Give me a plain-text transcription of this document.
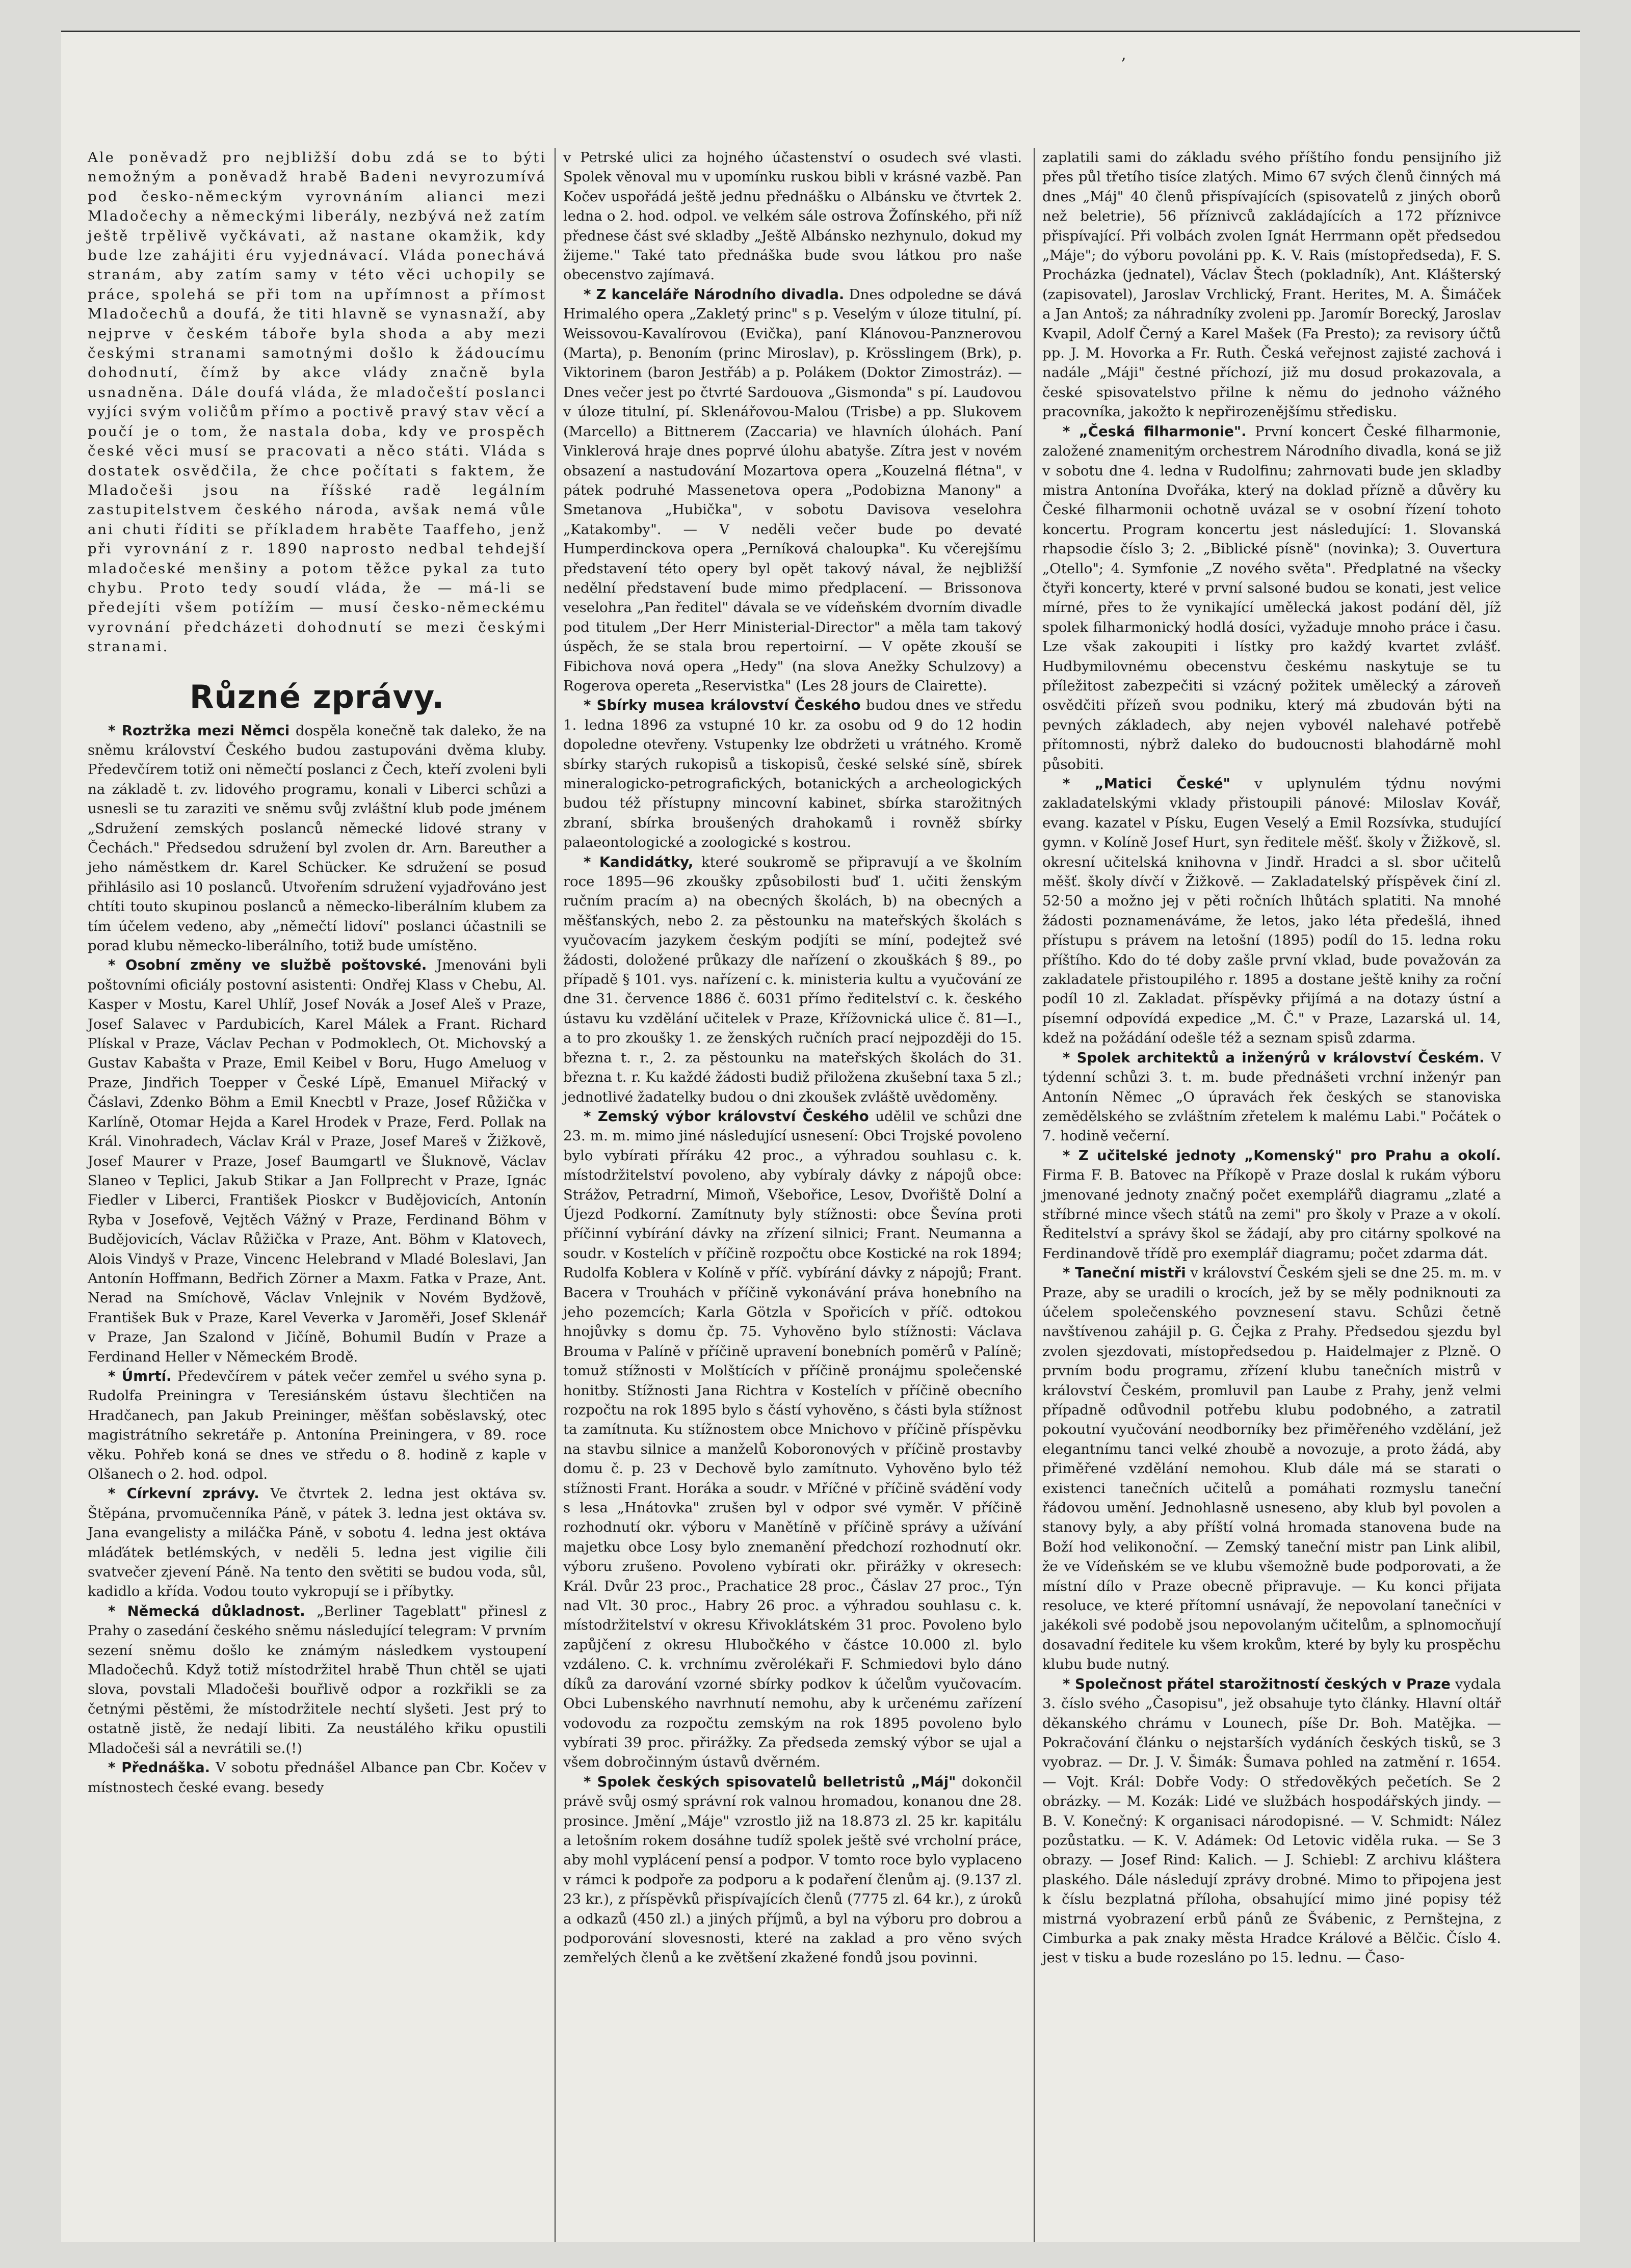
,

Ale poněvadž pro nejbližší dobu zdá se to býti nemožným a poněvadž hrabě Badeni nevyrozumívá pod česko-německým vyrovnáním alianci mezi Mladočechy a německými liberály, nezbývá než zatím ještě trpělivě vyčkávati, až nastane okamžik, kdy bude lze zahájiti éru vyjednávací. Vláda ponechává stranám, aby zatím samy v této věci uchopily se práce, spolehá se při tom na upřímnost a přímost Mladočechů a doufá, že titi hlavně se vynasnaží, aby nejprve v českém táboře byla shoda a aby mezi českými stranami samotnými došlo k žádoucímu dohodnutí, čímž by akce vlády značně byla usnadněna. Dále doufá vláda, že mladočeští poslanci vyjíci svým voličům přímo a poctivě pravý stav věcí a poučí je o tom, že nastala doba, kdy ve prospěch české věci musí se pracovati a něco státi. Vláda s dostatek osvědčila, že chce počítati s faktem, že Mladočeši jsou na říšské radě legálním zastupitelstvem českého národa, avšak nemá vůle ani chuti říditi se příkladem hraběte Taaffeho, jenž při vyrovnání z r. 1890 naprosto nedbal tehdejší mladočeské menšiny a potom těžce pykal za tuto chybu. Proto tedy soudí vláda, že — má-li se předejíti všem potížím — musí česko-německému vyrovnání předcházeti dohodnutí se mezi českými stranami.

Různé zprávy.

* Roztržka mezi Němci dospěla konečně tak daleko, že na sněmu království Českého budou zastupováni dvěma kluby. Předevčírem totiž oni němečtí poslanci z Čech, kteří zvoleni byli na základě t. zv. lidového programu, konali v Liberci schůzi a usnesli se tu zaraziti ve sněmu svůj zvláštní klub pode jménem „Sdružení zemských poslanců německé lidové strany v Čechách." Předsedou sdružení byl zvolen dr. Arn. Bareuther a jeho náměstkem dr. Karel Schücker. Ke sdružení se posud přihlásilo asi 10 poslanců. Utvořením sdružení vyjadřováno jest chtíti touto skupinou poslanců a německo-liberálním klubem za tím účelem vedeno, aby „němečtí lidoví" poslanci účastnili se porad klubu německo-liberálního, totiž bude umístěno.

* Osobní změny ve službě poštovské. Jmenováni byli poštovními oficiály postovní asistenti: Ondřej Klass v Chebu, Al. Kasper v Mostu, Karel Uhlíř, Josef Novák a Josef Aleš v Praze, Josef Salavec v Pardubicích, Karel Málek a Frant. Richard Plískal v Praze, Václav Pechan v Podmoklech, Ot. Michovský a Gustav Kabašta v Praze, Emil Keibel v Boru, Hugo Ameluog v Praze, Jindřich Toepper v České Lípě, Emanuel Miřacký v Čáslavi, Zdenko Böhm a Emil Knecbtl v Praze, Josef Růžička v Karlíně, Otomar Hejda a Karel Hrodek v Praze, Ferd. Pollak na Král. Vinohradech, Václav Král v Praze, Josef Mareš v Žižkově, Josef Maurer v Praze, Josef Baumgartl ve Šluknově, Václav Slaneo v Teplici, Jakub Stikar a Jan Follprecht v Praze, Ignác Fiedler v Liberci, František Pioskcr v Budějovicích, Antonín Ryba v Josefově, Vejtěch Vážný v Praze, Ferdinand Böhm v Budějovicích, Václav Růžička v Praze, Ant. Böhm v Klatovech, Alois Vindyš v Praze, Vincenc Helebrand v Mladé Boleslavi, Jan Antonín Hoffmann, Bedřich Zörner a Maxm. Fatka v Praze, Ant. Nerad na Smíchově, Václav Vnlejnik v Novém Bydžově, František Buk v Praze, Karel Veverka v Jaroměři, Josef Sklenář v Praze, Jan Szalond v Jičíně, Bohumil Budín v Praze a Ferdinand Heller v Německém Brodě.

* Úmrtí. Předevčírem v pátek večer zemřel u svého syna p. Rudolfa Preiningra v Teresiánském ústavu šlechtičen na Hradčanech, pan Jakub Preininger, měšťan soběslavský, otec magistrátního sekretáře p. Antonína Preiningera, v 89. roce věku. Pohřeb koná se dnes ve středu o 8. hodině z kaple v Olšanech o 2. hod. odpol.

* Církevní zprávy. Ve čtvrtek 2. ledna jest oktáva sv. Štěpána, prvomučenníka Páně, v pátek 3. ledna jest oktáva sv. Jana evangelisty a miláčka Páně, v sobotu 4. ledna jest oktáva mláďátek betlémských, v neděli 5. ledna jest vigilie čili svatvečer zjevení Páně. Na tento den světiti se budou voda, sůl, kadidlo a křída. Vodou touto vykropují se i příbytky.

* Německá důkladnost. „Berliner Tageblatt" přinesl z Prahy o zasedání českého sněmu následující telegram: V prvním sezení sněmu došlo ke známým následkem vystoupení Mladočechů. Když totiž místodržitel hrabě Thun chtěl se ujati slova, povstali Mladočeši bouřlivě odpor a rozkřikli se za četnými pěstěmi, že místodržitele nechtí slyšeti. Jest prý to ostatně jistě, že nedají libiti. Za neustálého křiku opustili Mladočeši sál a nevrátili se.(!)

* Přednáška. V sobotu přednášel Albance pan Cbr. Kočev v místnostech české evang. besedy

v Petrské ulici za hojného účastenství o osudech své vlasti. Spolek věnoval mu v upomínku ruskou bibli v krásné vazbě. Pan Kočev uspořádá ještě jednu přednášku o Albánsku ve čtvrtek 2. ledna o 2. hod. odpol. ve velkém sále ostrova Žofínského, při níž přednese část své skladby „Ještě Albánsko nezhynulo, dokud my žijeme." Také tato přednáška bude svou látkou pro naše obecenstvo zajímavá.

* Z kanceláře Národního divadla. Dnes odpoledne se dává Hrimalého opera „Zakletý princ" s p. Veselým v úloze titulní, pí. Weissovou-Kavalírovou (Evička), paní Klánovou-Panznerovou (Marta), p. Benoním (princ Miroslav), p. Krösslingem (Brk), p. Viktorinem (baron Jestřáb) a p. Polákem (Doktor Zimostráz). — Dnes večer jest po čtvrté Sardouova „Gismonda" s pí. Laudovou v úloze titulní, pí. Sklenářovou-Malou (Trisbe) a pp. Slukovem (Marcello) a Bittnerem (Zaccaria) ve hlavních úlohách. Paní Vinklerová hraje dnes poprvé úlohu abatyše. Zítra jest v novém obsazení a nastudování Mozartova opera „Kouzelná flétna", v pátek podruhé Massenetova opera „Podobizna Manony" a Smetanova „Hubička", v sobotu Davisova veselohra „Katakomby". — V neděli večer bude po devaté Humperdinckova opera „Perníková chaloupka". Ku včerejšímu představení této opery byl opět takový nával, že nejbližší nedělní představení bude mimo předplacení. — Brissonova veselohra „Pan ředitel" dávala se ve vídeňském dvorním divadle pod titulem „Der Herr Ministerial-Director" a měla tam takový úspěch, že se stala brou repertoirní. — V opěte zkouší se Fibichova nová opera „Hedy" (na slova Anežky Schulzovy) a Rogerova opereta „Reservistka" (Les 28 jours de Clairette).

* Sbírky musea království Českého budou dnes ve středu 1. ledna 1896 za vstupné 10 kr. za osobu od 9 do 12 hodin dopoledne otevřeny. Vstupenky lze obdržeti u vrátného. Kromě sbírky starých rukopisů a tiskopisů, české selské síně, sbírek mineralogicko-petrografických, botanických a archeologických budou též přístupny mincovní kabinet, sbírka starožitných zbraní, sbírka broušených drahokamů i rovněž sbírky palaeontologické a zoologické s kostrou.

* Kandidátky, které soukromě se připravují a ve školním roce 1895—96 zkoušky způsobilosti buď 1. učiti ženským ručním pracím a) na obecných školách, b) na obecných a měšťanských, nebo 2. za pěstounku na mateřských školách s vyučovacím jazykem českým podjíti se míní, podejtež své žádosti, doložené průkazy dle nařízení o zkouškách § 89., po případě § 101. vys. nařízení c. k. ministeria kultu a vyučování ze dne 31. července 1886 č. 6031 přímo ředitelství c. k. českého ústavu ku vzdělání učitelek v Praze, Křížovnická ulice č. 81—I., a to pro zkoušky 1. ze ženských ručních prací nejpozději do 15. března t. r., 2. za pěstounku na mateřských školách do 31. března t. r. Ku každé žádosti budiž přiložena zkušební taxa 5 zl.; jednotlivé žadatelky budou o dni zkoušek zvláště uvědoměny.

* Zemský výbor království Českého udělil ve schůzi dne 23. m. m. mimo jiné následující usnesení: Obci Trojské povoleno bylo vybírati příráku 42 proc., a výhradou souhlasu c. k. místodržitelství povoleno, aby vybíraly dávky z nápojů obce: Strážov, Petradrní, Mimoň, Všebořice, Lesov, Dvořiště Dolní a Újezd Podkorní. Zamítnuty byly stížnosti: obce Ševína proti příčinní vybírání dávky na zřízení silnici; Frant. Neumanna a soudr. v Kostelích v příčině rozpočtu obce Kostické na rok 1894; Rudolfa Koblera v Kolíně v příč. vybírání dávky z nápojů; Frant. Bacera v Trouhách v příčině vykonávání práva honebního na jeho pozemcích; Karla Götzla v Spořicích v příč. odtokou hnojůvky s domu čp. 75. Vyhověno bylo stížnosti: Václava Brouma v Palíně v příčině upravení bonebních poměrů v Palíně; tomuž stížnosti v Molštících v příčině pronájmu společenské honitby. Stížnosti Jana Richtra v Kostelích v příčině obecního rozpočtu na rok 1895 bylo s částí vyhověno, s části byla stížnost ta zamítnuta. Ku stížnostem obce Mnichovo v příčině příspěvku na stavbu silnice a manželů Koboronových v příčině prostavby domu č. p. 23 v Dechově bylo zamítnuto. Vyhověno bylo též stížnosti Frant. Horáka a soudr. v Mříčné v příčině svádění vody s lesa „Hnátovka" zrušen byl v odpor své vyměr. V příčině rozhodnutí okr. výboru v Manětíně v příčině správy a užívání majetku obce Losy bylo znemanění předchozí rozhodnutí okr. výboru zrušeno. Povoleno vybírati okr. přirážky v okresech: Král. Dvůr 23 proc., Prachatice 28 proc., Čáslav 27 proc., Týn nad Vlt. 30 proc., Habry 26 proc. a výhradou souhlasu c. k. místodržitelství v okresu Křivoklátském 31 proc. Povoleno bylo zapůjčení z okresu Hlubočkého v částce 10.000 zl. bylo vzdáleno. C. k. vrchnímu zvěrolékaři F. Schmiedovi bylo dáno díků za darování vzorné sbírky podkov k účelům vyučovacím. Obci Lubenského navrhnutí nemohu, aby k určenému zařízení vodovodu za rozpočtu zemským na rok 1895 povoleno bylo vybírati 39 proc. přirážky. Za předseda zemský výbor se ujal a všem dobročinným ústavů dvěrném.

* Spolek českých spisovatelů belletristů „Máj" dokončil právě svůj osmý správní rok valnou hromadou, konanou dne 28. prosince. Jmění „Máje" vzrostlo již na 18.873 zl. 25 kr. kapitálu a letošním rokem dosáhne tudíž spolek ještě své vrcholní práce, aby mohl vyplácení pensí a podpor. V tomto roce bylo vyplaceno v rámci k podpoře za podporu a k podaření členům aj. (9.137 zl. 23 kr.), z příspěvků přispívajících členů (7775 zl. 64 kr.), z úroků a odkazů (450 zl.) a jiných příjmů, a byl na výboru pro dobrou a podporování slovesnosti, které na zaklad a pro věno svých zemřelých členů a ke zvětšení zkažené fondů jsou povinni.

zaplatili sami do základu svého příštího fondu pensijního již přes půl třetího tisíce zlatých. Mimo 67 svých členů činných má dnes „Máj" 40 členů přispívajících (spisovatelů z jiných oborů než beletrie), 56 příznivců zakládajících a 172 příznivce přispívající. Při volbách zvolen Ignát Herrmann opět předsedou „Máje"; do výboru povoláni pp. K. V. Rais (místopředseda), F. S. Procházka (jednatel), Václav Štech (pokladník), Ant. Klášterský (zapisovatel), Jaroslav Vrchlický, Frant. Herites, M. A. Šimáček a Jan Antoš; za náhradníky zvoleni pp. Jaromír Borecký, Jaroslav Kvapil, Adolf Černý a Karel Mašek (Fa Presto); za revisory účtů pp. J. M. Hovorka a Fr. Ruth. Česká veřejnost zajisté zachová i nadále „Máji" čestné příchozí, již mu dosud prokazovala, a české spisovatelstvo přilne k němu do jednoho vážného pracovníka, jakožto k nepřirozenějšímu středisku.

* „Česká filharmonie". První koncert České filharmonie, založené znamenitým orchestrem Národního divadla, koná se již v sobotu dne 4. ledna v Rudolfinu; zahrnovati bude jen skladby mistra Antonína Dvořáka, který na doklad přízně a důvěry ku České filharmonii ochotně uvázal se v osobní řízení tohoto koncertu. Program koncertu jest následující: 1. Slovanská rhapsodie číslo 3; 2. „Biblické písně" (novinka); 3. Ouvertura „Otello"; 4. Symfonie „Z nového světa". Předplatné na všecky čtyři koncerty, které v první salsoné budou se konati, jest velice mírné, přes to že vynikající umělecká jakost podání děl, jíž spolek filharmonický hodlá dosíci, vyžaduje mnoho práce i času. Lze však zakoupiti i lístky pro každý kvartet zvlášť. Hudbymilovnému obecenstvu českému naskytuje se tu příležitost zabezpečiti si vzácný požitek umělecký a zároveň osvědčiti přízeň svou podniku, který má zbudován býti na pevných základech, aby nejen vybovél nalehavé potřebě přítomnosti, nýbrž daleko do budoucnosti blahodárně mohl působiti.

* „Matici České" v uplynulém týdnu novými zakladatelskými vklady přistoupili pánové: Miloslav Kovář, evang. kazatel v Písku, Eugen Veselý a Emil Rozsívka, studující gymn. v Kolíně Josef Hurt, syn ředitele měšť. školy v Žižkově, sl. okresní učitelská knihovna v Jindř. Hradci a sl. sbor učitelů měšť. školy dívčí v Žižkově. — Zakladatelský příspěvek činí zl. 52·50 a možno jej v pěti ročních lhůtách splatiti. Na mnohé žádosti poznamenáváme, že letos, jako léta předešlá, ihned přístupu s právem na letošní (1895) podíl do 15. ledna roku příštího. Kdo do té doby zašle první vklad, bude považován za zakladatele přistoupilého r. 1895 a dostane ještě knihy za roční podíl 10 zl. Zakladat. příspěvky přijímá a na dotazy ústní a písemní odpovídá expedice „M. Č." v Praze, Lazarská ul. 14, kdež na požádání odešle též a seznam spisů zdarma.

* Spolek architektů a inženýrů v království Českém. V týdenní schůzi 3. t. m. bude přednášeti vrchní inženýr pan Antonín Němec „O úpravách řek českých se stanoviska zemědělského se zvláštním zřetelem k malému Labi." Počátek o 7. hodině večerní.

* Z učitelské jednoty „Komenský" pro Prahu a okolí. Firma F. B. Batovec na Příkopě v Praze doslal k rukám výboru jmenované jednoty značný počet exemplářů diagramu „zlaté a stříbrné mince všech států na zemi" pro školy v Praze a v okolí. Ředitelství a správy škol se žádají, aby pro citárny spolkové na Ferdinandově třídě pro exemplář diagramu; počet zdarma dát.

* Taneční mistři v království Českém sjeli se dne 25. m. m. v Praze, aby se uradili o krocích, jež by se měly podniknouti za účelem společenského povznesení stavu. Schůzi četně navštívenou zahájil p. G. Čejka z Prahy. Předsedou sjezdu byl zvolen sjezdovati, místopředsedou p. Haidelmajer z Plzně. O prvním bodu programu, zřízení klubu tanečních mistrů v království Českém, promluvil pan Laube z Prahy, jenž velmi případně odůvodnil potřebu klubu podobného, a zatratil pokoutní vyučování neodborníky bez přiměřeného vzdělání, jež elegantnímu tanci velké zhoubě a novozuje, a proto žádá, aby přiměřené vzdělání nemohou. Klub dále má se starati o existenci tanečních učitelů a pomáhati rozmyslu taneční řádovou umění. Jednohlasně usneseno, aby klub byl povolen a stanovy byly, a aby příští volná hromada stanovena bude na Boží hod velikonoční. — Zemský taneční mistr pan Link alibil, že ve Vídeňském se ve klubu všemožně bude podporovati, a že místní dílo v Praze obecně připravuje. — Ku konci přijata resoluce, ve které přítomní usnávají, že nepovolaní tanečníci v jakékoli své podobě jsou nepovolaným učitelům, a splnomocňují dosavadní ředitele ku všem krokům, které by byly ku prospěchu klubu bude nutný.

* Společnost přátel starožitností českých v Praze vydala 3. číslo svého „Časopisu", jež obsahuje tyto články. Hlavní oltář děkanského chrámu v Lounech, píše Dr. Boh. Matějka. — Pokračování článku o nejstarších vydáních českých tisků, se 3 vyobraz. — Dr. J. V. Šimák: Šumava pohled na zatmění r. 1654. — Vojt. Král: Dobře Vody: O středověkých pečetích. Se 2 obrázky. — M. Kozák: Lidé ve službách hospodářských jindy. — B. V. Konečný: K organisaci národopisné. — V. Schmidt: Nález pozůstatku. — K. V. Adámek: Od Letovic viděla ruka. — Se 3 obrazy. — Josef Rind: Kalich. — J. Schiebl: Z archivu kláštera plaského. Dále následují zprávy drobné. Mimo to připojena jest k číslu bezplatná příloha, obsahující mimo jiné popisy též mistrná vyobrazení erbů pánů ze Švábenic, z Pernštejna, z Cimburka a pak znaky města Hradce Králové a Bělčic. Číslo 4. jest v tisku a bude rozesláno po 15. lednu. — Časo-
